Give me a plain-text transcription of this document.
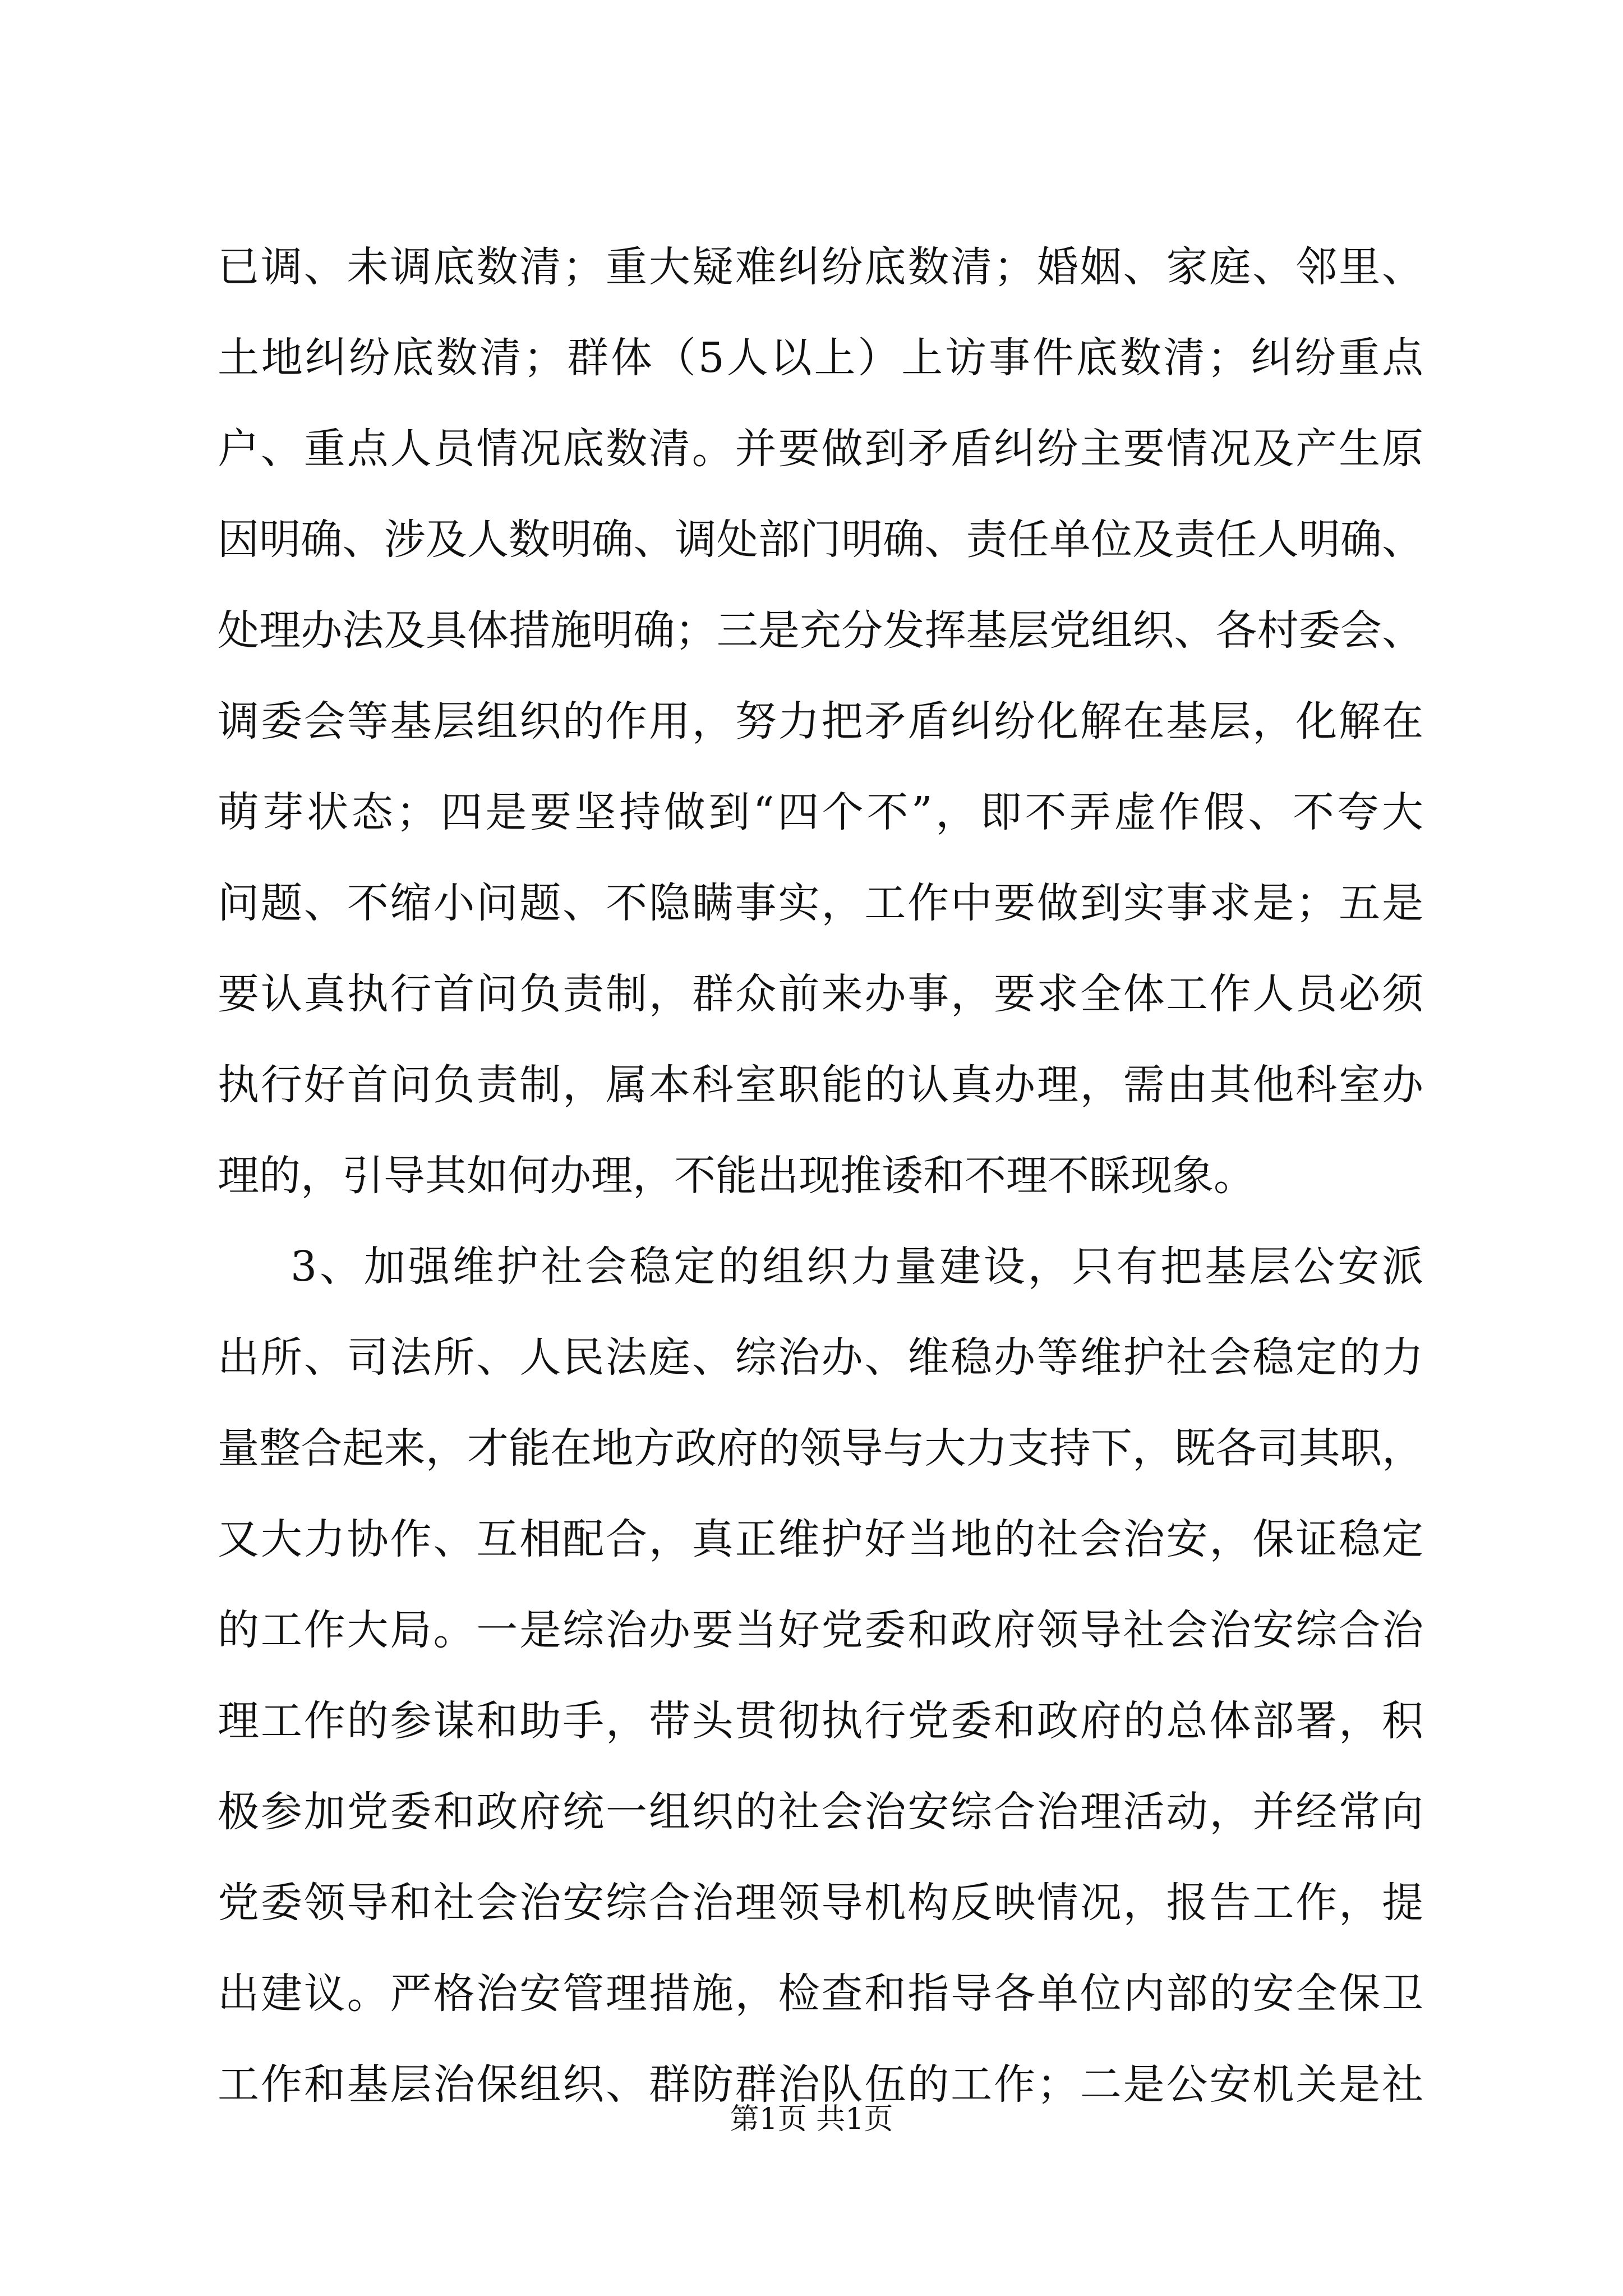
已调、未调底数清；重大疑难纠纷底数清；婚姻、家庭、邻里、
土地纠纷底数清；群体（5人以上）上访事件底数清；纠纷重点
户、重点人员情况底数清。并要做到矛盾纠纷主要情况及产生原
因明确、涉及人数明确、调处部门明确、责任单位及责任人明确、
处理办法及具体措施明确；三是充分发挥基层党组织、各村委会、
调委会等基层组织的作用，努力把矛盾纠纷化解在基层，化解在
萌芽状态；四是要坚持做到“四个不”，即不弄虚作假、不夸大
问题、不缩小问题、不隐瞒事实，工作中要做到实事求是；五是
要认真执行首问负责制，群众前来办事，要求全体工作人员必须
执行好首问负责制，属本科室职能的认真办理，需由其他科室办
理的，引导其如何办理，不能出现推诿和不理不睬现象。
3、加强维护社会稳定的组织力量建设，只有把基层公安派
出所、司法所、人民法庭、综治办、维稳办等维护社会稳定的力
量整合起来，才能在地方政府的领导与大力支持下，既各司其职，
又大力协作、互相配合，真正维护好当地的社会治安，保证稳定
的工作大局。一是综治办要当好党委和政府领导社会治安综合治
理工作的参谋和助手，带头贯彻执行党委和政府的总体部署，积
极参加党委和政府统一组织的社会治安综合治理活动，并经常向
党委领导和社会治安综合治理领导机构反映情况，报告工作，提
出建议。严格治安管理措施，检查和指导各单位内部的安全保卫
工作和基层治保组织、群防群治队伍的工作；二是公安机关是社
第1页 共1页
